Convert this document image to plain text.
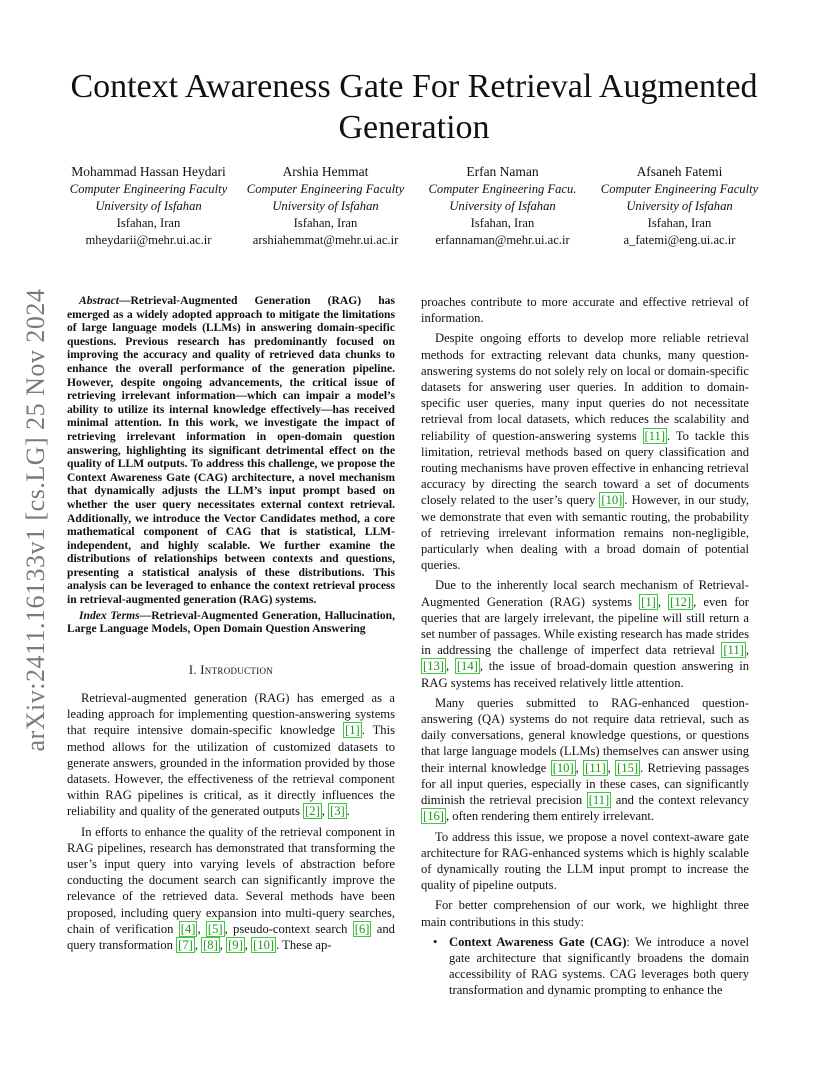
arXiv:2411.16133v1 [cs.LG] 25 Nov 2024
Context Awareness Gate For Retrieval Augmented Generation
Mohammad Hassan Heydari
Computer Engineering Faculty
University of Isfahan
Isfahan, Iran
mheydarii@mehr.ui.ac.ir
Arshia Hemmat
Computer Engineering Faculty
University of Isfahan
Isfahan, Iran
arshiahemmat@mehr.ui.ac.ir
Erfan Naman
Computer Engineering Facu.
University of Isfahan
Isfahan, Iran
erfannaman@mehr.ui.ac.ir
Afsaneh Fatemi
Computer Engineering Faculty
University of Isfahan
Isfahan, Iran
a_fatemi@eng.ui.ac.ir

Abstract—Retrieval-Augmented Generation (RAG) has emerged as a widely adopted approach to mitigate the limitations of large language models (LLMs) in answering domain-specific questions. Previous research has predominantly focused on improving the accuracy and quality of retrieved data chunks to enhance the overall performance of the generation pipeline. However, despite ongoing advancements, the critical issue of retrieving irrelevant information—which can impair a model’s ability to utilize its internal knowledge effectively—has received minimal attention. In this work, we investigate the impact of retrieving irrelevant information in open-domain question answering, highlighting its significant detrimental effect on the quality of LLM outputs. To address this challenge, we propose the Context Awareness Gate (CAG) architecture, a novel mechanism that dynamically adjusts the LLM’s input prompt based on whether the user query necessitates external context retrieval. Additionally, we introduce the Vector Candidates method, a core mathematical component of CAG that is statistical, LLM-independent, and highly scalable. We further examine the distributions of relationships between contexts and questions, presenting a statistical analysis of these distributions. This analysis can be leveraged to enhance the context retrieval process in retrieval-augmented generation (RAG) systems.

Index Terms—Retrieval-Augmented Generation, Hallucination, Large Language Models, Open Domain Question Answering

I. Introduction

Retrieval-augmented generation (RAG) has emerged as a leading approach for implementing question-answering systems that require intensive domain-specific knowledge [1] . This method allows for the utilization of customized datasets to generate answers, grounded in the information provided by those datasets. However, the effectiveness of the retrieval component within RAG pipelines is critical, as it directly influences the reliability and quality of the generated outputs [2] , [3] .

In efforts to enhance the quality of the retrieval component in RAG pipelines, research has demonstrated that transforming the user’s input query into varying levels of abstraction before conducting the document search can significantly improve the relevance of the retrieved data. Several methods have been proposed, including query expansion into multi-query searches, chain of verification [4] , [5] , pseudo-context search [6] and query transformation [7] , [8] , [9] , [10] . These ap-

proaches contribute to more accurate and effective retrieval of information.

Despite ongoing efforts to develop more reliable retrieval methods for extracting relevant data chunks, many question-answering systems do not solely rely on local or domain-specific datasets for answering user queries. In addition to domain-specific user queries, many input queries do not necessitate retrieval from local datasets, which reduces the scalability and reliability of question-answering systems [11] . To tackle this limitation, retrieval methods based on query classification and routing mechanisms have proven effective in enhancing retrieval accuracy by directing the search toward a set of documents closely related to the user’s query [10] . However, in our study, we demonstrate that even with semantic routing, the probability of retrieving irrelevant information remains non-negligible, particularly when dealing with a broad domain of potential queries.

Due to the inherently local search mechanism of Retrieval-Augmented Generation (RAG) systems [1] , [12] , even for queries that are largely irrelevant, the pipeline will still return a set number of passages. While existing research has made strides in addressing the challenge of imperfect data retrieval [11] , [13] , [14] , the issue of broad-domain question answering in RAG systems has received relatively little attention.

Many queries submitted to RAG-enhanced question-answering (QA) systems do not require data retrieval, such as daily conversations, general knowledge questions, or questions that large language models (LLMs) themselves can answer using their internal knowledge [10] , [11] , [15] . Retrieving passages for all input queries, especially in these cases, can significantly diminish the retrieval precision [11] and the context relevancy [16] , often rendering them entirely irrelevant.

To address this issue, we propose a novel context-aware gate architecture for RAG-enhanced systems which is highly scalable of dynamically routing the LLM input prompt to increase the quality of pipeline outputs.

For better comprehension of our work, we highlight three main contributions in this study:

• Context Awareness Gate (CAG): We introduce a novel gate architecture that significantly broadens the domain accessibility of RAG systems. CAG leverages both query transformation and dynamic prompting to enhance the
